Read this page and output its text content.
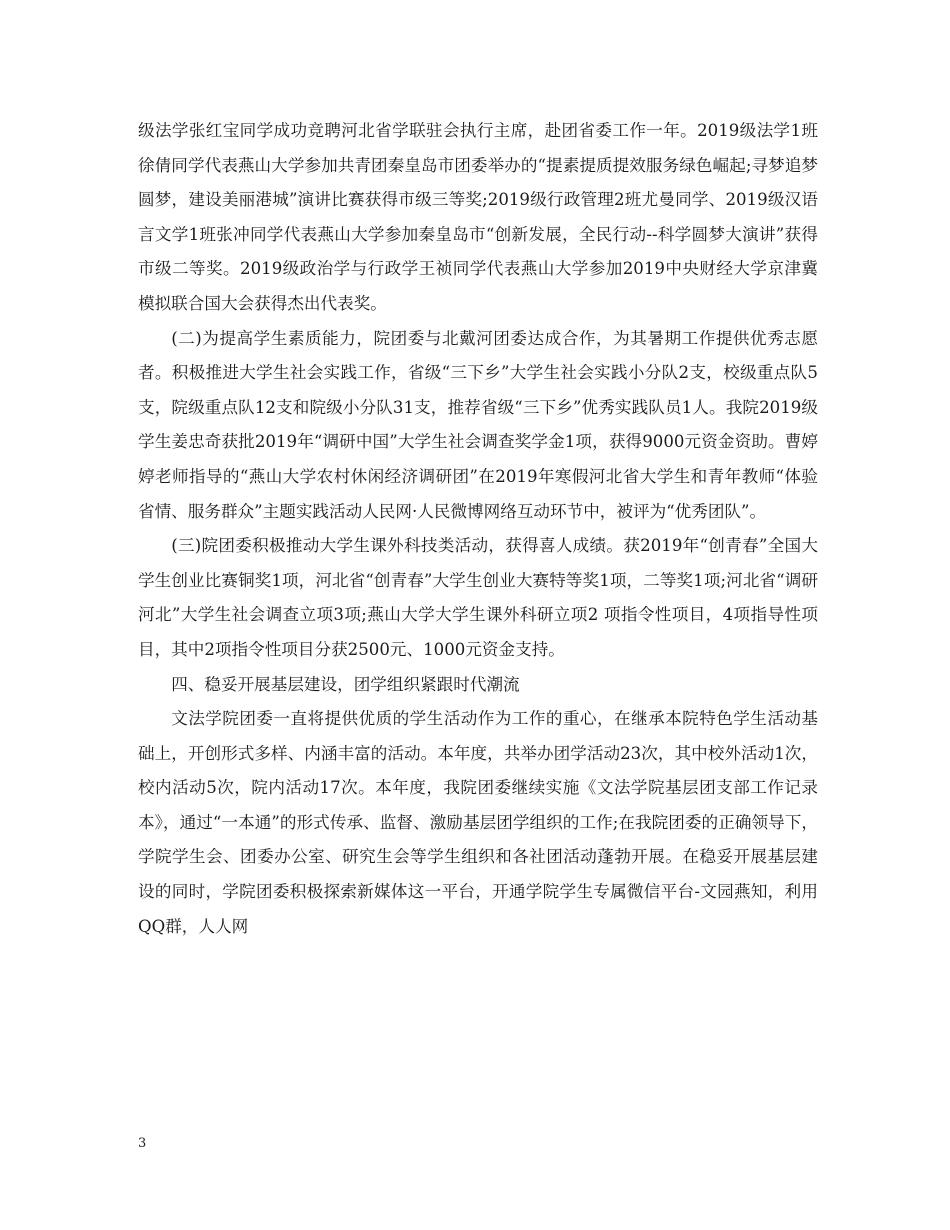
级法学张红宝同学成功竞聘河北省学联驻会执行主席，赴团省委工作一年。2019级法学1班徐倩同学代表燕山大学参加共青团秦皇岛市团委举办的“提素提质提效服务绿色崛起;寻梦追梦圆梦，建设美丽港城”演讲比赛获得市级三等奖;2019级行政管理2班尤曼同学、2019级汉语言文学1班张冲同学代表燕山大学参加秦皇岛市“创新发展，全民行动--科学圆梦大演讲”获得市级二等奖。2019级政治学与行政学王祯同学代表燕山大学参加2019中央财经大学京津冀模拟联合国大会获得杰出代表奖。

(二)为提高学生素质能力，院团委与北戴河团委达成合作，为其暑期工作提供优秀志愿者。积极推进大学生社会实践工作，省级“三下乡”大学生社会实践小分队2支，校级重点队5支，院级重点队12支和院级小分队31支，推荐省级“三下乡”优秀实践队员1人。我院2019级学生姜忠奇获批2019年“调研中国”大学生社会调查奖学金1项，获得9000元资金资助。曹婷婷老师指导的“燕山大学农村休闲经济调研团”在2019年寒假河北省大学生和青年教师“体验省情、服务群众”主题实践活动人民网·人民微博网络互动环节中，被评为“优秀团队”。

(三)院团委积极推动大学生课外科技类活动，获得喜人成绩。获2019年“创青春”全国大学生创业比赛铜奖1项，河北省“创青春”大学生创业大赛特等奖1项，二等奖1项;河北省“调研河北”大学生社会调查立项3项;燕山大学大学生课外科研立项2 项指令性项目，4项指导性项目，其中2项指令性项目分获2500元、1000元资金支持。

四、稳妥开展基层建设，团学组织紧跟时代潮流

文法学院团委一直将提供优质的学生活动作为工作的重心，在继承本院特色学生活动基础上，开创形式多样、内涵丰富的活动。本年度，共举办团学活动23次，其中校外活动1次，校内活动5次，院内活动17次。本年度，我院团委继续实施《文法学院基层团支部工作记录本》，通过“一本通”的形式传承、监督、激励基层团学组织的工作;在我院团委的正确领导下，学院学生会、团委办公室、研究生会等学生组织和各社团活动蓬勃开展。在稳妥开展基层建设的同时，学院团委积极探索新媒体这一平台，开通学院学生专属微信平台-文园燕知，利用QQ群，人人网

3
